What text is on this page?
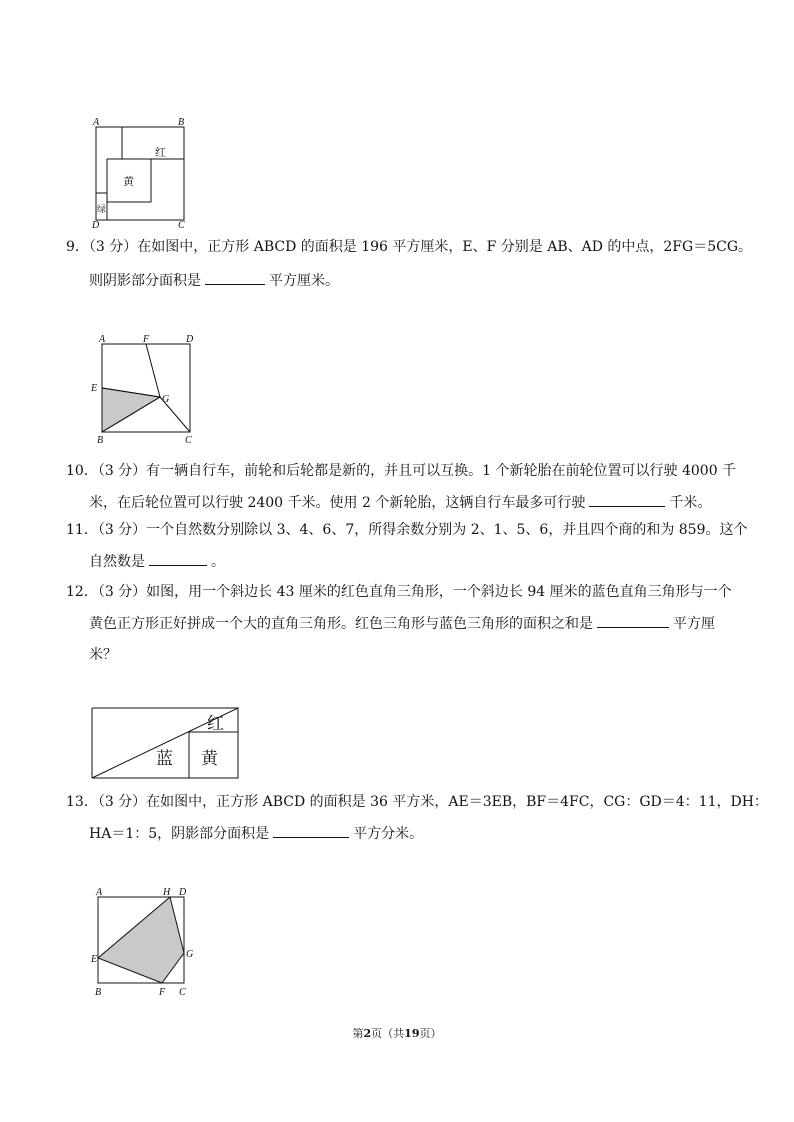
A	B
D	C
红
黄
绿
9．（3 分）在如图中，正方形 ABCD 的面积是 196 平方厘米，E、F 分别是 AB、AD 的中点，2FG＝5CG。
则阴影部分面积是	平方厘米。
A	F	D
E
G
B	C
10．（3 分）有一辆自行车，前轮和后轮都是新的，并且可以互换。1 个新轮胎在前轮位置可以行驶 4000 千
米，在后轮位置可以行驶 2400 千米。使用 2 个新轮胎，这辆自行车最多可行驶	千米。
11．（3 分）一个自然数分别除以 3、4、6、7，所得余数分别为 2、1、5、6，并且四个商的和为 859。这个
自然数是	。
12．（3 分）如图，用一个斜边长 43 厘米的红色直角三角形，一个斜边长 94 厘米的蓝色直角三角形与一个
黄色正方形正好拼成一个大的直角三角形。红色三角形与蓝色三角形的面积之和是	平方厘
米？
红
蓝 黄
13．（3 分）在如图中，正方形 ABCD 的面积是 36 平方米，AE＝3EB，BF＝4FC，CG：GD＝4：11，DH：
HA＝1：5，阴影部分面积是	平方分米。
A	H D
E	G
B	F C
第2页（共19页）
